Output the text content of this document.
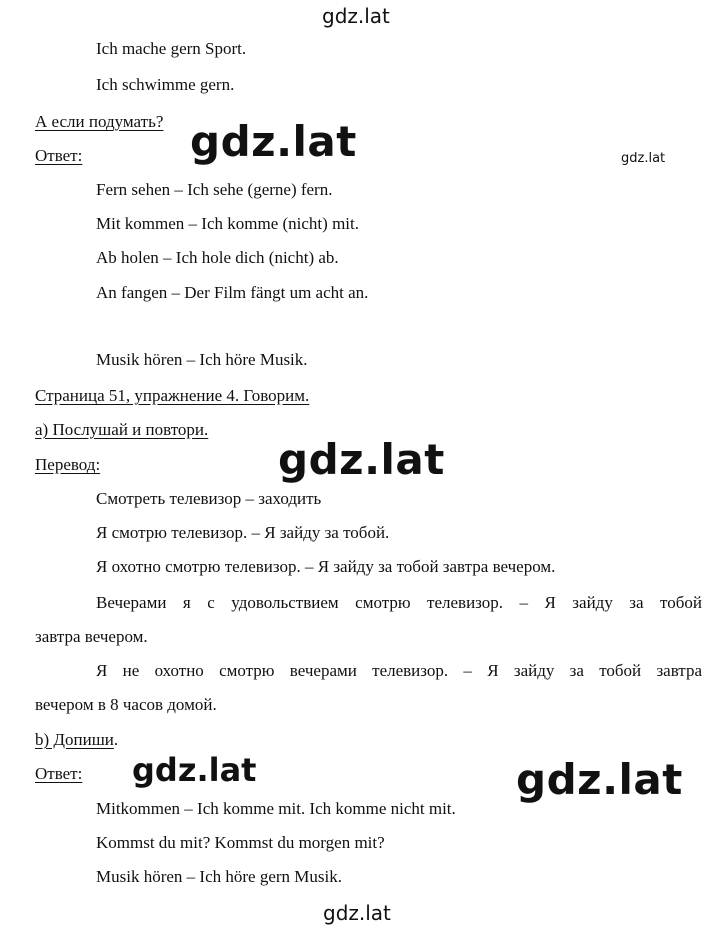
gdz.lat
gdz.lat	gdz.lat
gdz.lat
gdz.lat	gdz.lat
gdz.lat
Ich mache gern Sport.
Ich schwimme gern.
А если подумать?
Ответ:
Fern sehen – Ich sehe (gerne) fern.
Mit kommen – Ich komme (nicht) mit.
Ab holen – Ich hole dich (nicht) ab.
An fangen – Der Film fängt um acht an.
Musik hören – Ich höre Musik.
Страница 51, упражнение 4. Говорим.
a) Послушай и повтори.
Перевод:
Смотреть телевизор – заходить
Я смотрю телевизор. – Я зайду за тобой.
Я охотно смотрю телевизор. – Я зайду за тобой завтра вечером.
Вечерами я с удовольствием смотрю телевизор. – Я зайду за тобой
завтра вечером.
Я не охотно смотрю вечерами телевизор. – Я зайду за тобой завтра
вечером в 8 часов домой.
b) Допиши.
Ответ:
Mitkommen – Ich komme mit. Ich komme nicht mit.
Kommst du mit? Kommst du morgen mit?
Musik hören – Ich höre gern Musik.
